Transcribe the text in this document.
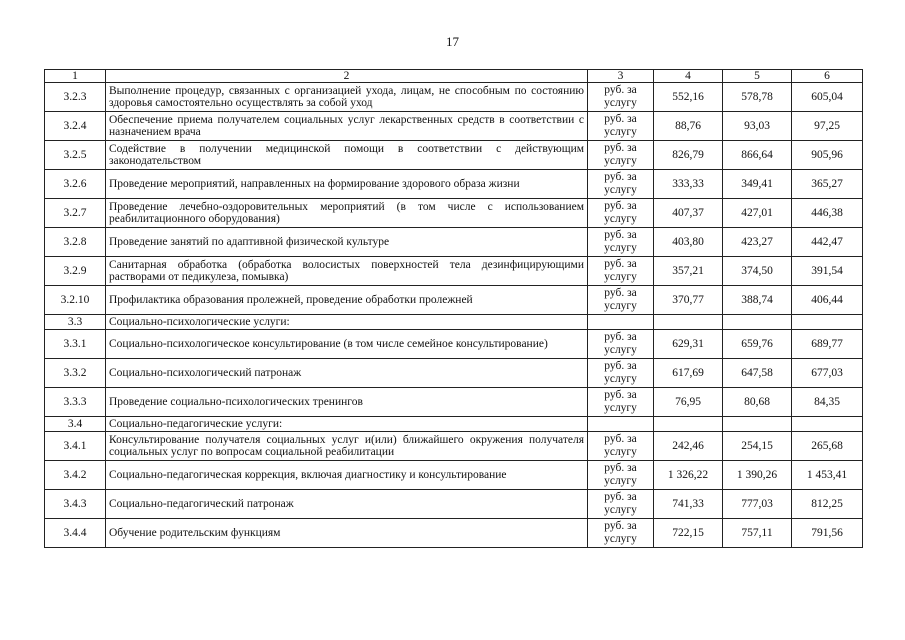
17
1	2	3	4	5	6
3.2.3	Выполнение процедур, связанных с организацией ухода, лицам, не способным по состоянию здоровья самостоятельно осуществлять за собой уход	руб. за услугу	552,16	578,78	605,04
3.2.4	Обеспечение приема получателем социальных услуг лекарственных средств в соответствии с назначением врача	руб. за услугу	88,76	93,03	97,25
3.2.5	Содействие в получении медицинской помощи в соответствии с действующим законодательством	руб. за услугу	826,79	866,64	905,96
3.2.6	Проведение мероприятий, направленных на формирование здорового образа жизни	руб. за услугу	333,33	349,41	365,27
3.2.7	Проведение лечебно-оздоровительных мероприятий (в том числе с использованием реабилитационного оборудования)	руб. за услугу	407,37	427,01	446,38
3.2.8	Проведение занятий по адаптивной физической культуре	руб. за услугу	403,80	423,27	442,47
3.2.9	Санитарная обработка (обработка волосистых поверхностей тела дезинфицирующими растворами от педикулеза, помывка)	руб. за услугу	357,21	374,50	391,54
3.2.10	Профилактика образования пролежней, проведение обработки пролежней	руб. за услугу	370,77	388,74	406,44
3.3	Социально-психологические услуги:				
3.3.1	Социально-психологическое консультирование (в том числе семейное консультирование)	руб. за услугу	629,31	659,76	689,77
3.3.2	Социально-психологический патронаж	руб. за услугу	617,69	647,58	677,03
3.3.3	Проведение социально-психологических тренингов	руб. за услугу	76,95	80,68	84,35
3.4	Социально-педагогические услуги:				
3.4.1	Консультирование получателя социальных услуг и(или) ближайшего окружения получателя социальных услуг по вопросам социальной реабилитации	руб. за услугу	242,46	254,15	265,68
3.4.2	Социально-педагогическая коррекция, включая диагностику и консультирование	руб. за услугу	1 326,22	1 390,26	1 453,41
3.4.3	Социально-педагогический патронаж	руб. за услугу	741,33	777,03	812,25
3.4.4	Обучение родительским функциям	руб. за услугу	722,15	757,11	791,56
